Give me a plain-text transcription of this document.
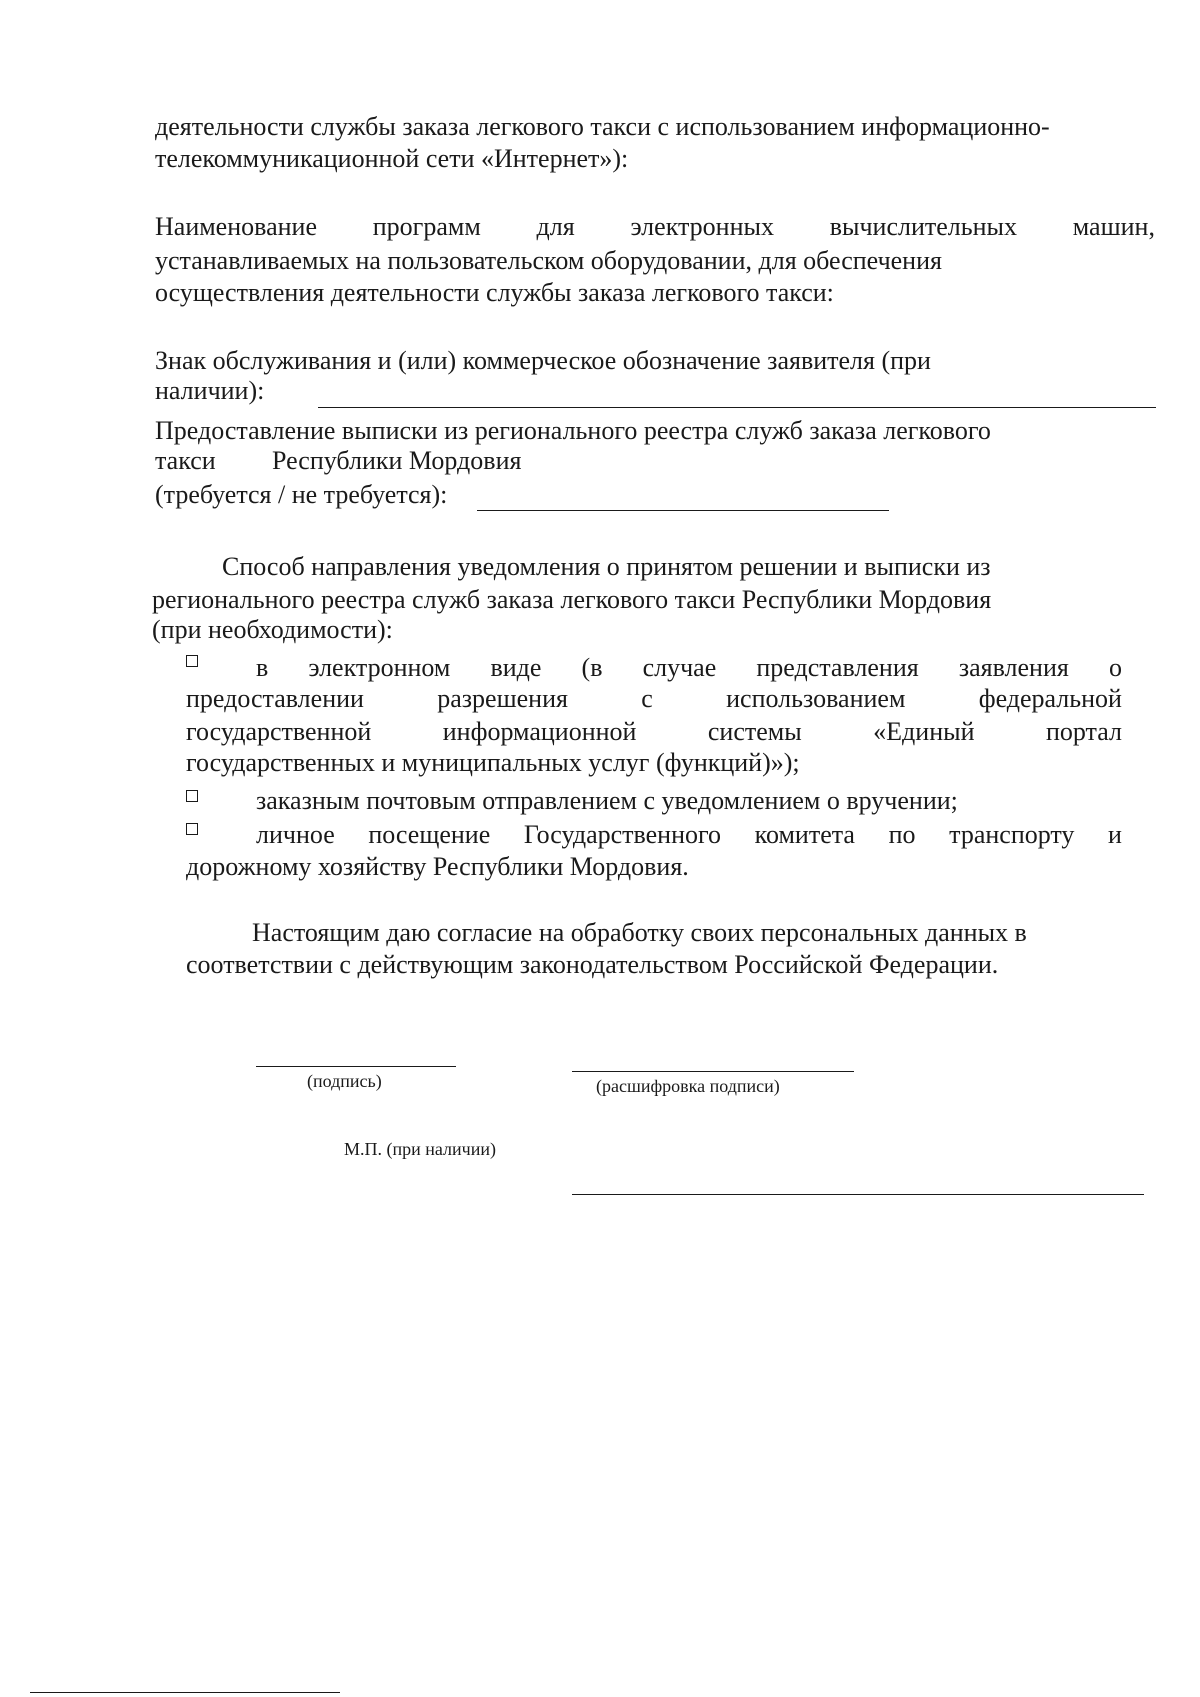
деятельности службы заказа легкового такси с использованием информационно-
телекоммуникационной сети «Интернет»):
Наименование программ для электронных вычислительных машин,
устанавливаемых на пользовательском оборудовании, для обеспечения
осуществления деятельности службы заказа легкового такси:
Знак обслуживания и (или) коммерческое обозначение заявителя (при
наличии):
Предоставление выписки из регионального реестра служб заказа легкового
такси Республики Мордовия
(требуется / не требуется):
Способ направления уведомления о принятом решении и выписки из
регионального реестра служб заказа легкового такси Республики Мордовия
(при необходимости):
в электронном виде (в случае представления заявления о
предоставлении	разрешения	с	использованием	федеральной
государственной	информационной	системы	«Единый	портал
государственных и муниципальных услуг (функций)»);
заказным почтовым отправлением с уведомлением о вручении;
личное посещение Государственного комитета по транспорту и
дорожному хозяйству Республики Мордовия.
Настоящим даю согласие на обработку своих персональных данных в
соответствии с действующим законодательством Российской Федерации.
(подпись)	(расшифровка подписи)
М.П. (при наличии)
